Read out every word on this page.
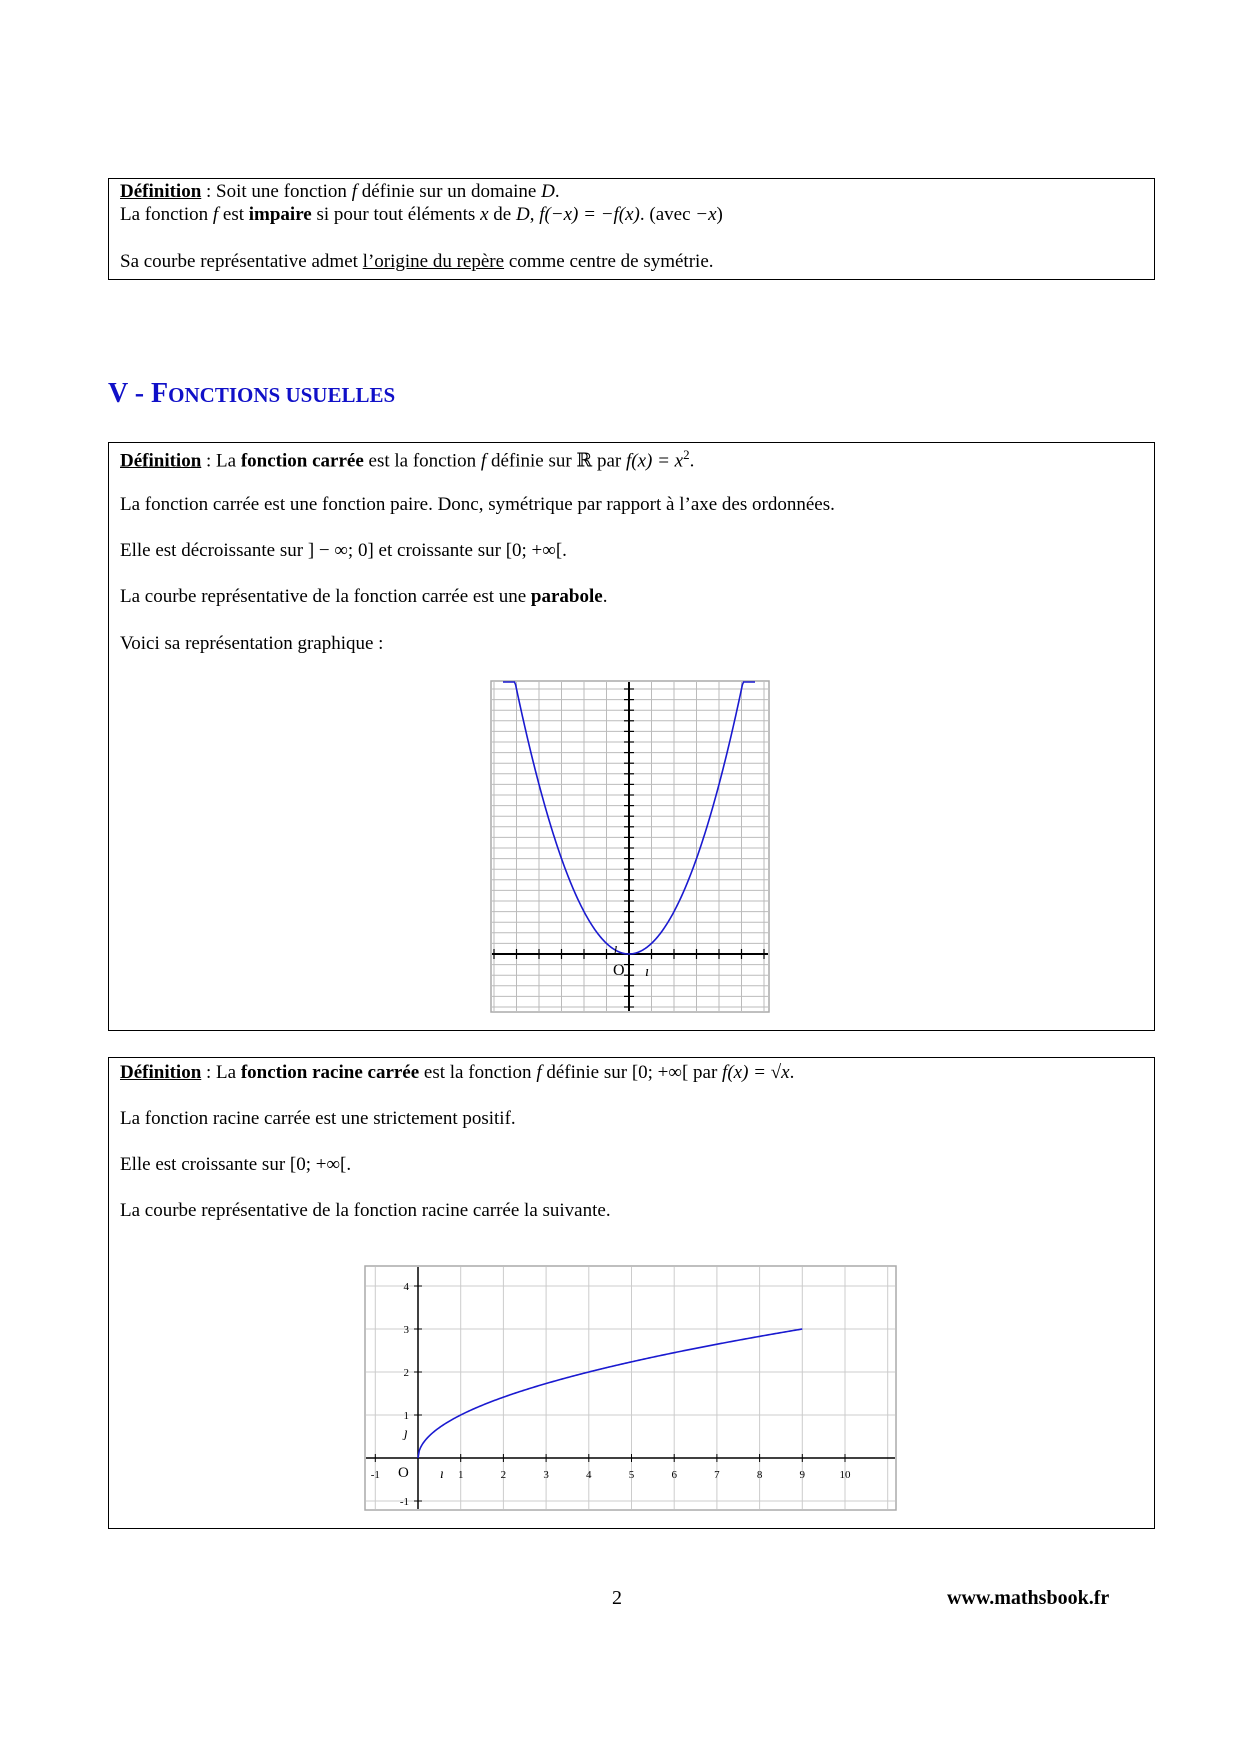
Définition : Soit une fonction f définie sur un domaine D.
La fonction f est impaire si pour tout éléments x de D, f(−x) = −f(x). (avec −x)
Sa courbe représentative admet l’origine du repère comme centre de symétrie.
V - FONCTIONS USUELLES
Définition : La fonction carrée est la fonction f définie sur ℝ par $f(x) = x^2$.
La fonction carrée est une fonction paire. Donc, symétrique par rapport à l’axe des ordonnées.
Elle est décroissante sur ] − ∞; 0] et croissante sur [0; +∞[.
La courbe représentative de la fonction carrée est une parabole.
Voici sa représentation graphique :
O ı⃗
ȷ⃗
Définition : La fonction racine carrée est la fonction f définie sur [0; +∞[ par f(x) = √x.
La fonction racine carrée est une strictement positif.
Elle est croissante sur [0; +∞[.
La courbe représentative de la fonction racine carrée la suivante.
-1	1	2	3	4	5	6	7	8	9	10
4
3
2
1
-1
O ı⃗
ȷ⃗
2	www.mathsbook.fr
